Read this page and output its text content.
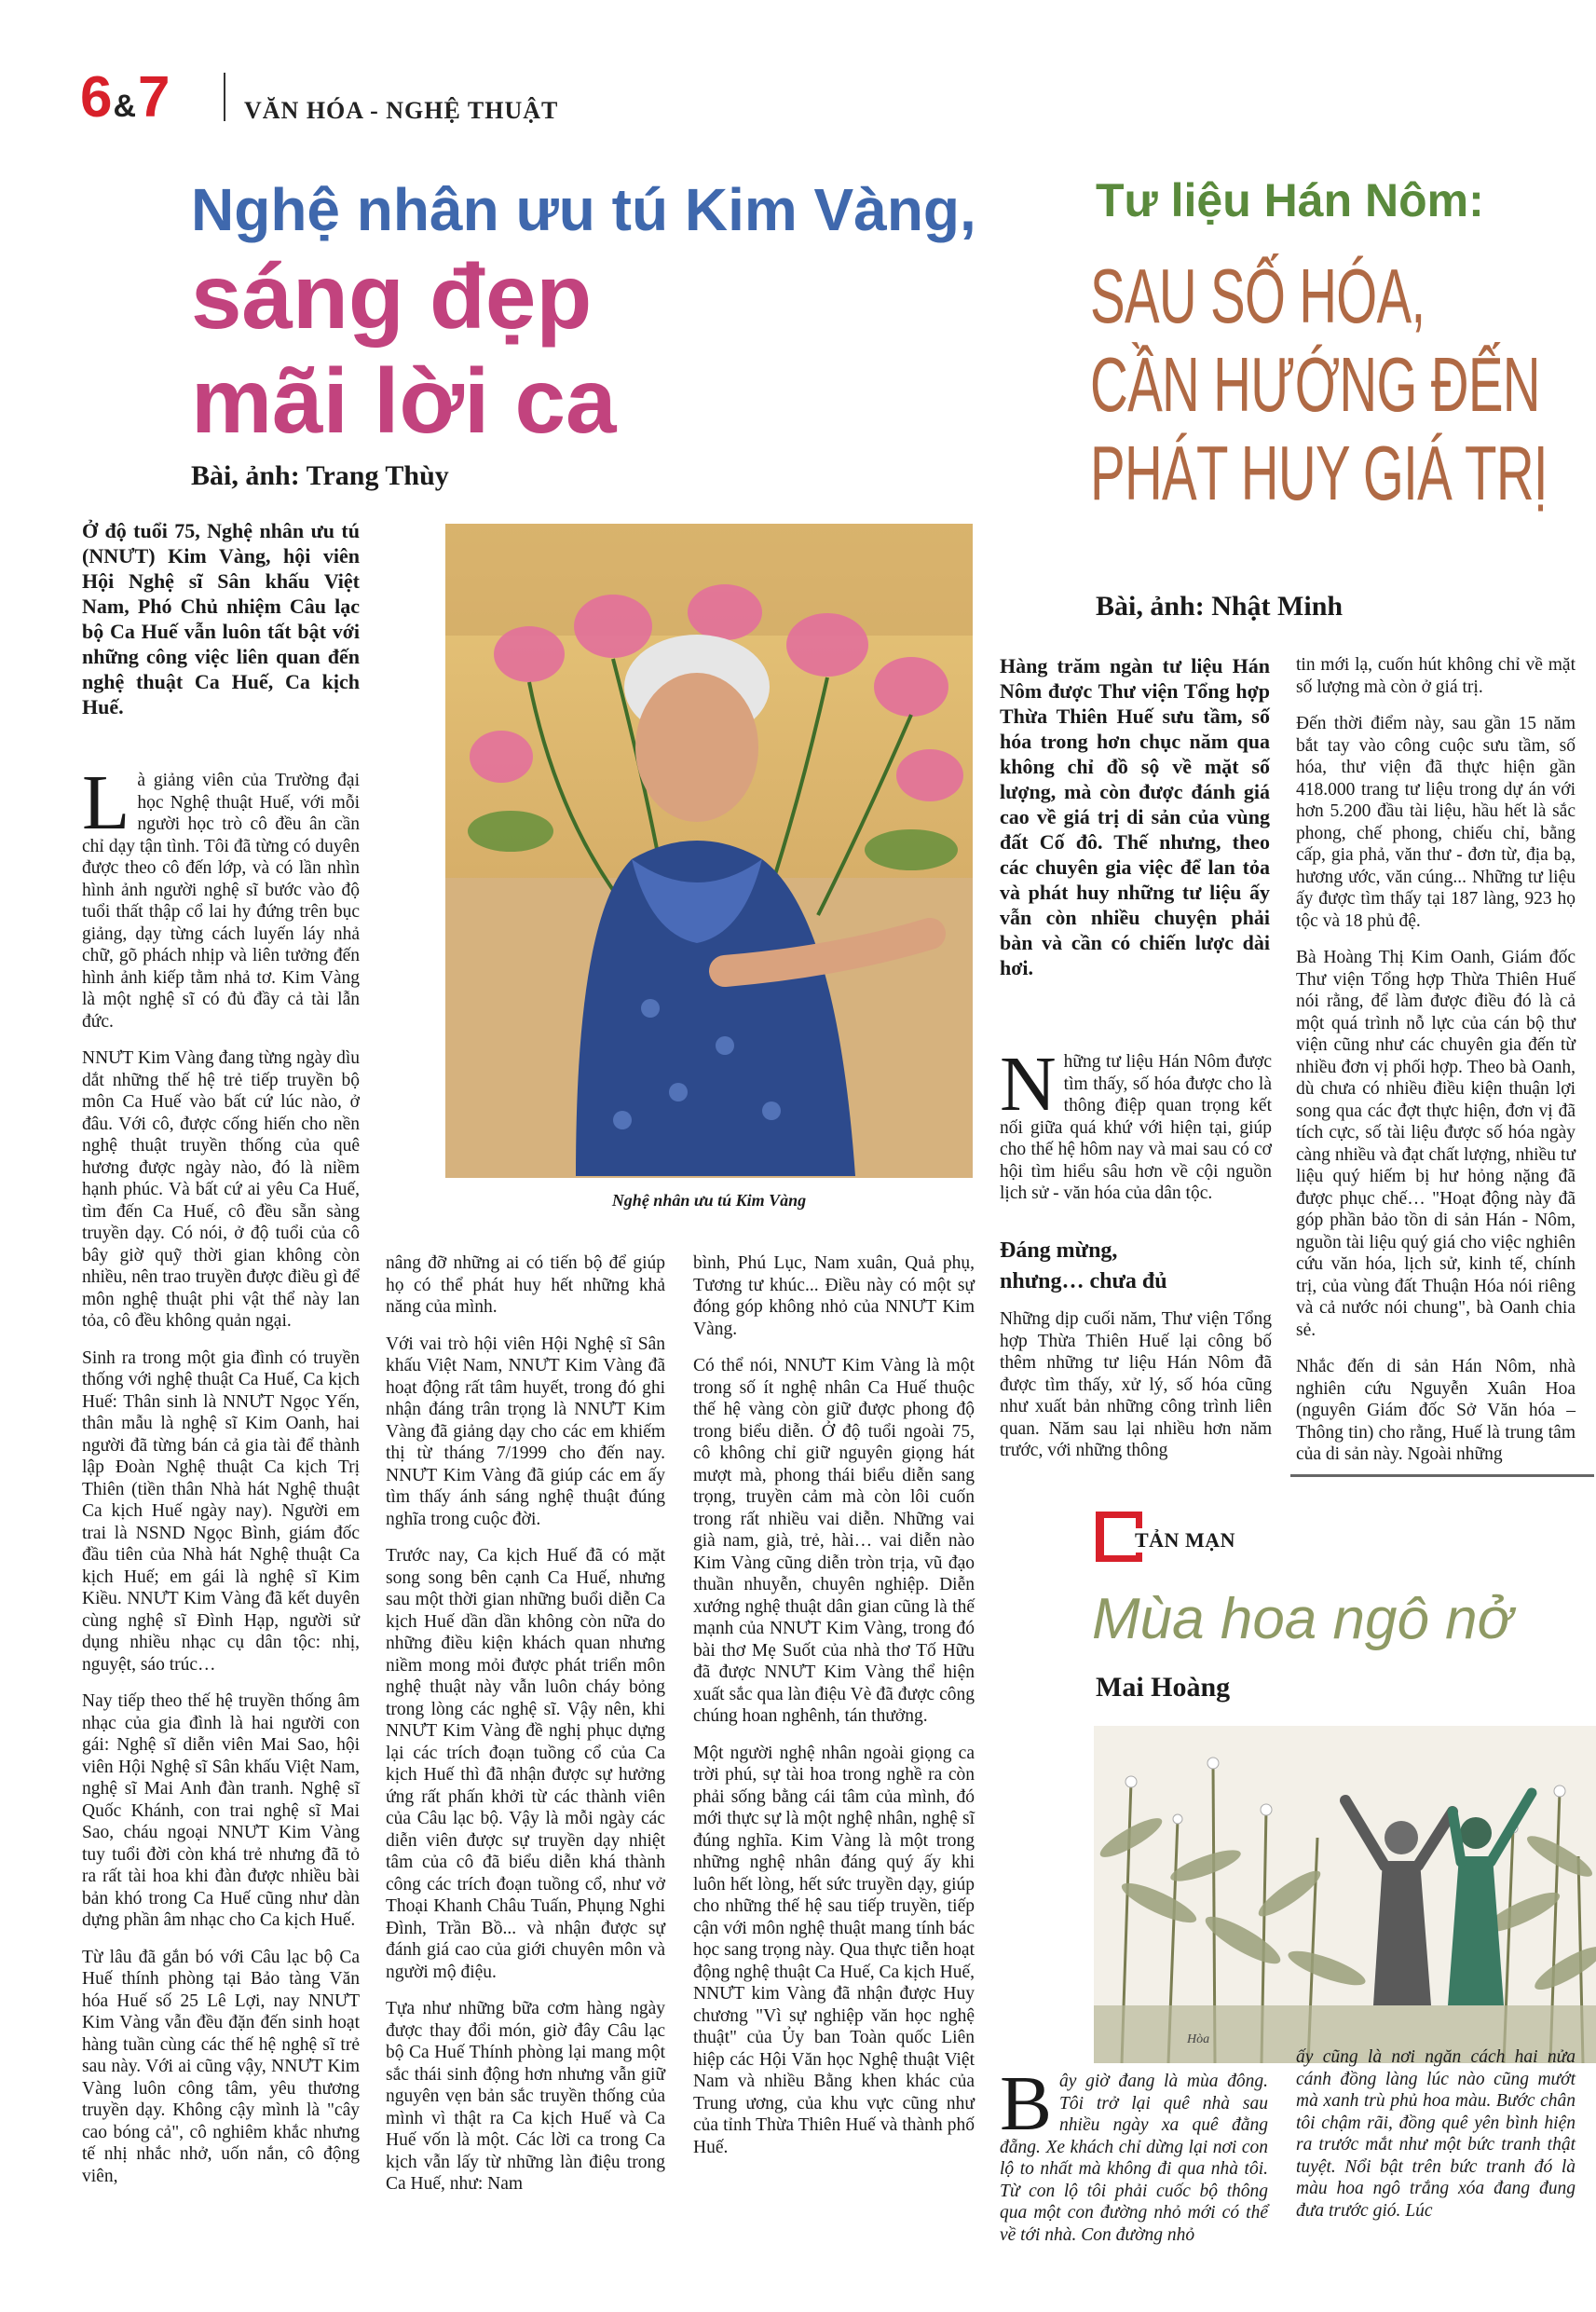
6&7	VĂN HÓA - NGHỆ THUẬT
Nghệ nhân ưu tú Kim Vàng,
sáng đẹp
mãi lời ca
Bài, ảnh: Trang Thùy
Ở độ tuổi 75, Nghệ nhân ưu tú (NNƯT) Kim Vàng, hội viên Hội Nghệ sĩ Sân khấu Việt Nam, Phó Chủ nhiệm Câu lạc bộ Ca Huế vẫn luôn tất bật với những công việc liên quan đến nghệ thuật Ca Huế, Ca kịch Huế.
Nghệ nhân ưu tú Kim Vàng

Là giảng viên của Trường đại học Nghệ thuật Huế, với mỗi người học trò cô đều ân cần chỉ dạy tận tình. Tôi đã từng có duyên được theo cô đến lớp, và có lần nhìn hình ảnh người nghệ sĩ bước vào độ tuổi thất thập cổ lai hy đứng trên bục giảng, dạy từng cách luyến láy nhả chữ, gõ phách nhịp và liên tưởng đến hình ảnh kiếp tằm nhả tơ. Kim Vàng là một nghệ sĩ có đủ đầy cả tài lẫn đức.

NNƯT Kim Vàng đang từng ngày dìu dắt những thế hệ trẻ tiếp truyền bộ môn Ca Huế vào bất cứ lúc nào, ở đâu. Với cô, được cống hiến cho nền nghệ thuật truyền thống của quê hương được ngày nào, đó là niềm hạnh phúc. Và bất cứ ai yêu Ca Huế, tìm đến Ca Huế, cô đều sẵn sàng truyền dạy. Có nói, ở độ tuổi của cô bây giờ quỹ thời gian không còn nhiều, nên trao truyền được điều gì để môn nghệ thuật phi vật thể này lan tỏa, cô đều không quản ngại.

Sinh ra trong một gia đình có truyền thống với nghệ thuật Ca Huế, Ca kịch Huế: Thân sinh là NNƯT Ngọc Yến, thân mẫu là nghệ sĩ Kim Oanh, hai người đã từng bán cả gia tài để thành lập Đoàn Nghệ thuật Ca kịch Trị Thiên (tiền thân Nhà hát Nghệ thuật Ca kịch Huế ngày nay). Người em trai là NSND Ngọc Bình, giám đốc đầu tiên của Nhà hát Nghệ thuật Ca kịch Huế; em gái là nghệ sĩ Kim Kiều. NNƯT Kim Vàng đã kết duyên cùng nghệ sĩ Đình Hạp, người sử dụng nhiều nhạc cụ dân tộc: nhị, nguyệt, sáo trúc…

Nay tiếp theo thế hệ truyền thống âm nhạc của gia đình là hai người con gái: Nghệ sĩ diễn viên Mai Sao, hội viên Hội Nghệ sĩ Sân khấu Việt Nam, nghệ sĩ Mai Anh đàn tranh. Nghệ sĩ Quốc Khánh, con trai nghệ sĩ Mai Sao, cháu ngoại NNƯT Kim Vàng tuy tuổi đời còn khá trẻ nhưng đã tỏ ra rất tài hoa khi đàn được nhiều bài bản khó trong Ca Huế cũng như dàn dựng phần âm nhạc cho Ca kịch Huế.

Từ lâu đã gắn bó với Câu lạc bộ Ca Huế thính phòng tại Bảo tàng Văn hóa Huế số 25 Lê Lợi, nay NNƯT Kim Vàng vẫn đều đặn đến sinh hoạt hàng tuần cùng các thế hệ nghệ sĩ trẻ sau này. Với ai cũng vậy, NNƯT Kim Vàng luôn công tâm, yêu thương truyền dạy. Không cậy mình là "cây cao bóng cả", cô nghiêm khắc nhưng tế nhị nhắc nhở, uốn nắn, cô động viên,

nâng đỡ những ai có tiến bộ để giúp họ có thể phát huy hết những khả năng của mình.

Với vai trò hội viên Hội Nghệ sĩ Sân khấu Việt Nam, NNƯT Kim Vàng đã hoạt động rất tâm huyết, trong đó ghi nhận đáng trân trọng là NNƯT Kim Vàng đã giảng dạy cho các em khiếm thị từ tháng 7/1999 cho đến nay. NNƯT Kim Vàng đã giúp các em ấy tìm thấy ánh sáng nghệ thuật đúng nghĩa trong cuộc đời.

Trước nay, Ca kịch Huế đã có mặt song song bên cạnh Ca Huế, nhưng sau một thời gian những buổi diễn Ca kịch Huế dần dần không còn nữa do những điều kiện khách quan nhưng niềm mong mỏi được phát triển môn nghệ thuật này vẫn luôn cháy bỏng trong lòng các nghệ sĩ. Vậy nên, khi NNƯT Kim Vàng đề nghị phục dựng lại các trích đoạn tuồng cổ của Ca kịch Huế thì đã nhận được sự hưởng ứng rất phấn khởi từ các thành viên của Câu lạc bộ. Vậy là mỗi ngày các diễn viên được sự truyền dạy nhiệt tâm của cô đã biểu diễn khá thành công các trích đoạn tuồng cổ, như vở Thoại Khanh Châu Tuấn, Phụng Nghi Đình, Trần Bồ... và nhận được sự đánh giá cao của giới chuyên môn và người mộ điệu.

Tựa như những bữa cơm hàng ngày được thay đổi món, giờ đây Câu lạc bộ Ca Huế Thính phòng lại mang một sắc thái sinh động hơn nhưng vẫn giữ nguyên vẹn bản sắc truyền thống của mình vì thật ra Ca kịch Huế và Ca Huế vốn là một. Các lời ca trong Ca kịch vẫn lấy từ những làn điệu trong Ca Huế, như: Nam

bình, Phú Lục, Nam xuân, Quả phụ, Tương tư khúc... Điều này có một sự đóng góp không nhỏ của NNƯT Kim Vàng.

Có thể nói, NNƯT Kim Vàng là một trong số ít nghệ nhân Ca Huế thuộc thế hệ vàng còn giữ được phong độ trong biểu diễn. Ở độ tuổi ngoài 75, cô không chỉ giữ nguyên giọng hát mượt mà, phong thái biểu diễn sang trọng, truyền cảm mà còn lôi cuốn trong rất nhiều vai diễn. Những vai già nam, già, trẻ, hài… vai diễn nào Kim Vàng cũng diễn tròn trịa, vũ đạo thuần nhuyễn, chuyên nghiệp. Diễn xướng nghệ thuật dân gian cũng là thế mạnh của NNƯT Kim Vàng, trong đó bài thơ Mẹ Suốt của nhà thơ Tố Hữu đã được NNƯT Kim Vàng thể hiện xuất sắc qua làn điệu Vè đã được công chúng hoan nghênh, tán thưởng.

Một người nghệ nhân ngoài giọng ca trời phú, sự tài hoa trong nghề ra còn phải sống bằng cái tâm của mình, đó mới thực sự là một nghệ nhân, nghệ sĩ đúng nghĩa. Kim Vàng là một trong những nghệ nhân đáng quý ấy khi luôn hết lòng, hết sức truyền dạy, giúp cho những thế hệ sau tiếp truyền, tiếp cận với môn nghệ thuật mang tính bác học sang trọng này. Qua thực tiễn hoạt động nghệ thuật Ca Huế, Ca kịch Huế, NNƯT kim Vàng đã nhận được Huy chương "Vì sự nghiệp văn học nghệ thuật" của Ủy ban Toàn quốc Liên hiệp các Hội Văn học Nghệ thuật Việt Nam và nhiều Bằng khen khác của Trung ương, của khu vực cũng như của tỉnh Thừa Thiên Huế và thành phố Huế.

Tư liệu Hán Nôm:
SAU SỐ HÓA,
CẦN HƯỚNG ĐẾN
PHÁT HUY GIÁ TRỊ
Bài, ảnh: Nhật Minh
Hàng trăm ngàn tư liệu Hán Nôm được Thư viện Tổng hợp Thừa Thiên Huế sưu tầm, số hóa trong hơn chục năm qua không chỉ đồ sộ về mặt số lượng, mà còn được đánh giá cao về giá trị di sản của vùng đất Cố đô. Thế nhưng, theo các chuyên gia việc để lan tỏa và phát huy những tư liệu ấy vẫn còn nhiều chuyện phải bàn và cần có chiến lược dài hơi.

Những tư liệu Hán Nôm được tìm thấy, số hóa được cho là thông điệp quan trọng kết nối giữa quá khứ với hiện tại, giúp cho thế hệ hôm nay và mai sau có cơ hội tìm hiểu sâu hơn về cội nguồn lịch sử - văn hóa của dân tộc.

Đáng mừng,
nhưng… chưa đủ

Những dịp cuối năm, Thư viện Tổng hợp Thừa Thiên Huế lại công bố thêm những tư liệu Hán Nôm đã được tìm thấy, xử lý, số hóa cũng như xuất bản những công trình liên quan. Năm sau lại nhiều hơn năm trước, với những thông

tin mới lạ, cuốn hút không chỉ về mặt số lượng mà còn ở giá trị.

Đến thời điểm này, sau gần 15 năm bắt tay vào công cuộc sưu tầm, số hóa, thư viện đã thực hiện gần 418.000 trang tư liệu trong dự án với hơn 5.200 đầu tài liệu, hầu hết là sắc phong, chế phong, chiếu chỉ, bằng cấp, gia phả, văn thư - đơn từ, địa bạ, hương ước, văn cúng... Những tư liệu ấy được tìm thấy tại 187 làng, 923 họ tộc và 18 phủ đệ.

Bà Hoàng Thị Kim Oanh, Giám đốc Thư viện Tổng hợp Thừa Thiên Huế nói rằng, để làm được điều đó là cả một quá trình nỗ lực của cán bộ thư viện cũng như các chuyên gia đến từ nhiều đơn vị phối hợp. Theo bà Oanh, dù chưa có nhiều điều kiện thuận lợi song qua các đợt thực hiện, đơn vị đã tích cực, số tài liệu được số hóa ngày càng nhiều và đạt chất lượng, nhiều tư liệu quý hiếm bị hư hỏng nặng đã được phục chế… "Hoạt động này đã góp phần bảo tồn di sản Hán - Nôm, nguồn tài liệu quý giá cho việc nghiên cứu văn hóa, lịch sử, kinh tế, chính trị, của vùng đất Thuận Hóa nói riêng và cả nước nói chung", bà Oanh chia sẻ.

Nhắc đến di sản Hán Nôm, nhà nghiên cứu Nguyễn Xuân Hoa (nguyên Giám đốc Sở Văn hóa – Thông tin) cho rằng, Huế là trung tâm của di sản này. Ngoài những

TẢN MẠN
Mùa hoa ngô nở
Mai Hoàng
Hòa

Bây giờ đang là mùa đông. Tôi trở lại quê nhà sau nhiều ngày xa quê đằng đẵng. Xe khách chỉ dừng lại nơi con lộ to nhất mà không đi qua nhà tôi. Từ con lộ tôi phải cuốc bộ thông qua một con đường nhỏ mới có thể về tới nhà. Con đường nhỏ

ấy cũng là nơi ngăn cách hai nửa cánh đồng làng lúc nào cũng mướt mà xanh trù phủ hoa màu. Bước chân tôi chậm rãi, đồng quê yên bình hiện ra trước mắt như một bức tranh thật tuyệt. Nổi bật trên bức tranh đó là màu hoa ngô trắng xóa đang đung đưa trước gió. Lúc
